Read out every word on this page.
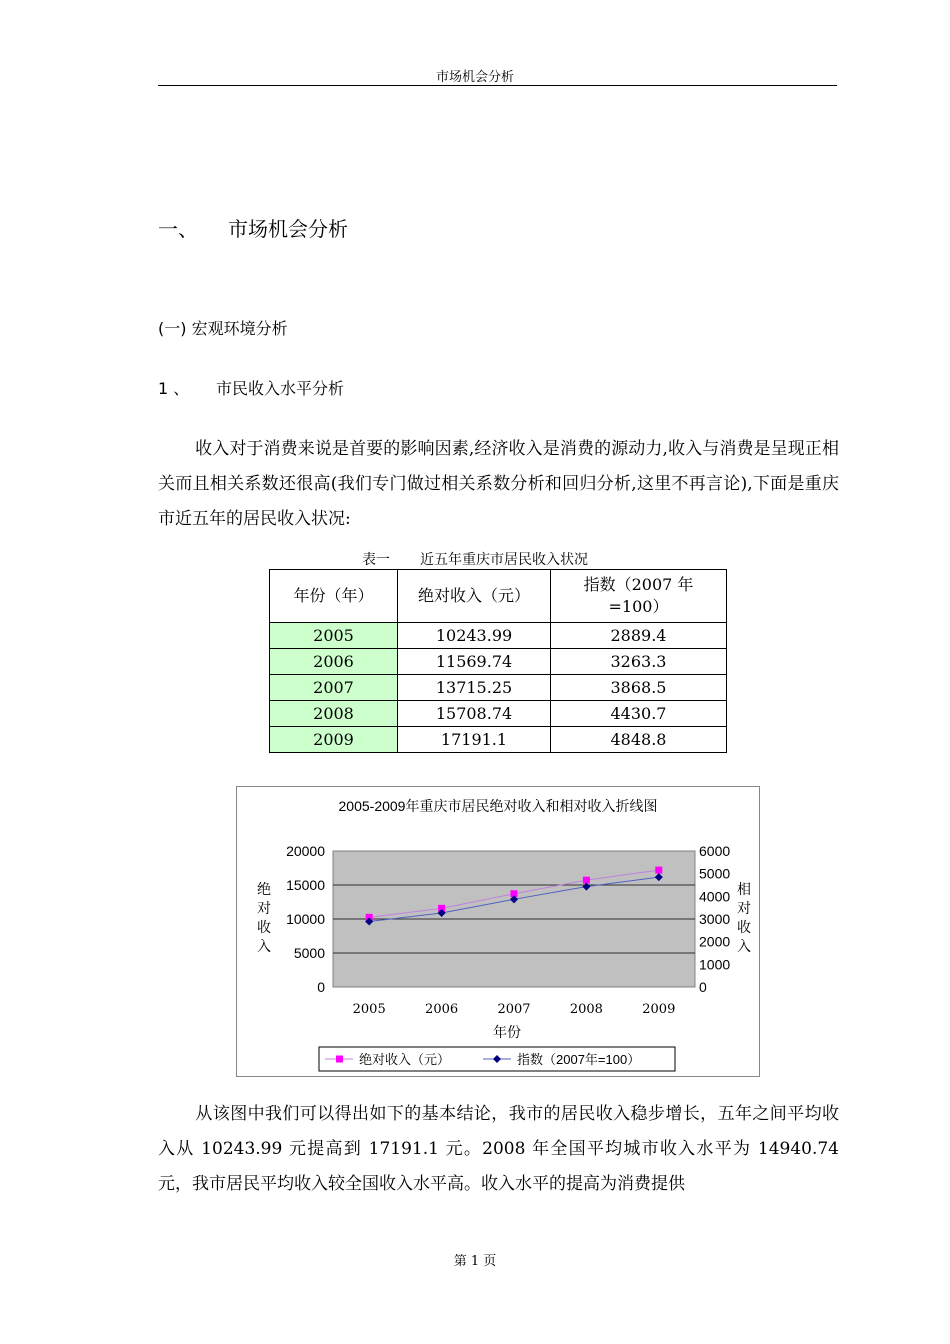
市场机会分析
一、 市场机会分析
(一) 宏观环境分析
1 、 市民收入水平分析
收入对于消费来说是首要的影响因素,经济收入是消费的源动力,收入与消费是呈现正相关而且相关系数还很高(我们专门做过相关系数分析和回归分析,这里不再言论),下面是重庆市近五年的居民收入状况:
表一 近五年重庆市居民收入状况
年份（年）	绝对收入（元）	指数（2007 年 =100）

2005	10243.99	2889.4
2006	11569.74	3263.3
2007	13715.25	3868.5
2008	15708.74	4430.7
2009	17191.1	4848.8
2005-2009年重庆市居民绝对收入和相对收入折线图
0
5000
10000
15000
20000
0
1000
2000
3000
4000
5000
6000
2005	2006	2007	2008	2009
年份
绝
对
收
入
相
对
收
入
绝对收入（元）	指数（2007年=100）
从该图中我们可以得出如下的基本结论，我市的居民收入稳步增长，五年之间平均收入从 10243.99 元提高到 17191.1 元。2008 年全国平均城市收入水平为 14940.74 元，我市居民平均收入较全国收入水平高。收入水平的提高为消费提供
第 1 页
